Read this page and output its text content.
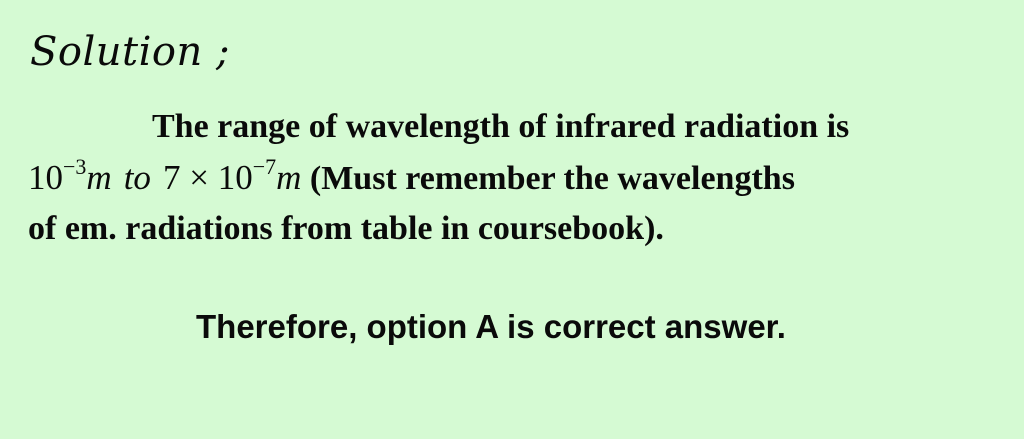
Solution ;
The range of wavelength of infrared radiation is
$10^{-3}m$ to $7 \times 10^{-7}m$ (Must remember the wavelengths
of em. radiations from table in coursebook).
Therefore, option A is correct answer.
